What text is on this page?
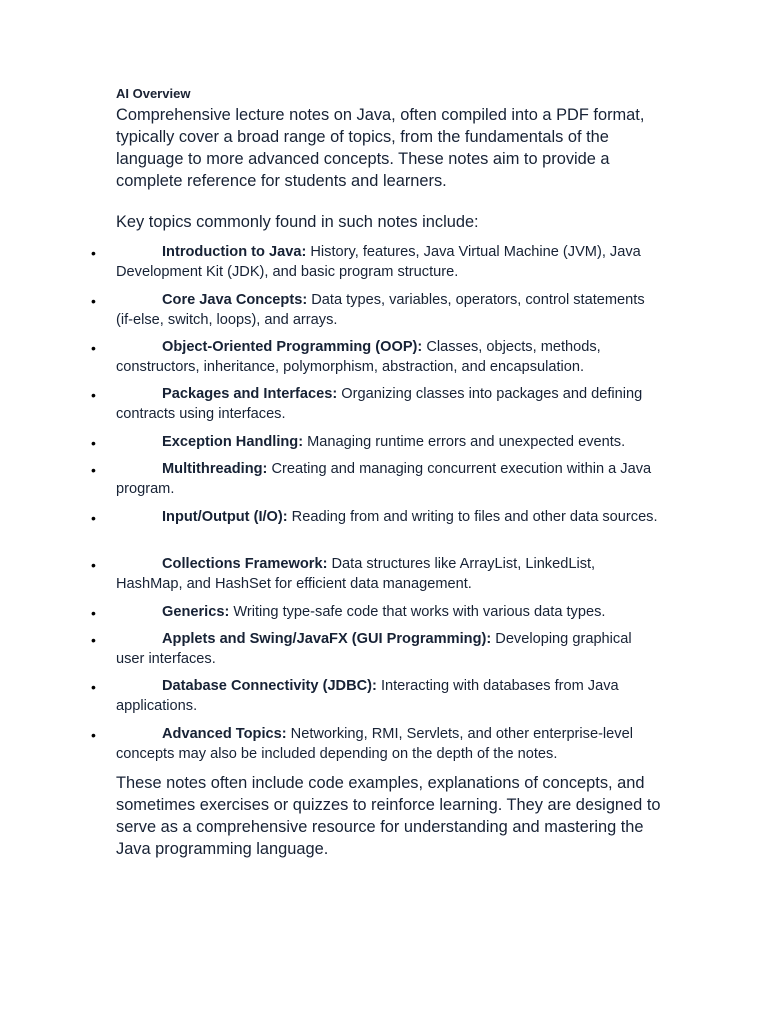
AI Overview

Comprehensive lecture notes on Java, often compiled into a PDF format, typically cover a broad range of topics, from the fundamentals of the language to more advanced concepts. These notes aim to provide a complete reference for students and learners.

Key topics commonly found in such notes include:

•	Introduction to Java: History, features, Java Virtual Machine (JVM), Java Development Kit (JDK), and basic program structure.
•	Core Java Concepts: Data types, variables, operators, control statements (if-else, switch, loops), and arrays.
•	Object-Oriented Programming (OOP): Classes, objects, methods, constructors, inheritance, polymorphism, abstraction, and encapsulation.
•	Packages and Interfaces: Organizing classes into packages and defining contracts using interfaces.
•	Exception Handling: Managing runtime errors and unexpected events.
•	Multithreading: Creating and managing concurrent execution within a Java program.
•	Input/Output (I/O): Reading from and writing to files and other data sources.
•	Collections Framework: Data structures like ArrayList, LinkedList, HashMap, and HashSet for efficient data management.
•	Generics: Writing type-safe code that works with various data types.
•	Applets and Swing/JavaFX (GUI Programming): Developing graphical user interfaces.
•	Database Connectivity (JDBC): Interacting with databases from Java applications.
•	Advanced Topics: Networking, RMI, Servlets, and other enterprise-level concepts may also be included depending on the depth of the notes.

These notes often include code examples, explanations of concepts, and sometimes exercises or quizzes to reinforce learning. They are designed to serve as a comprehensive resource for understanding and mastering the Java programming language.
